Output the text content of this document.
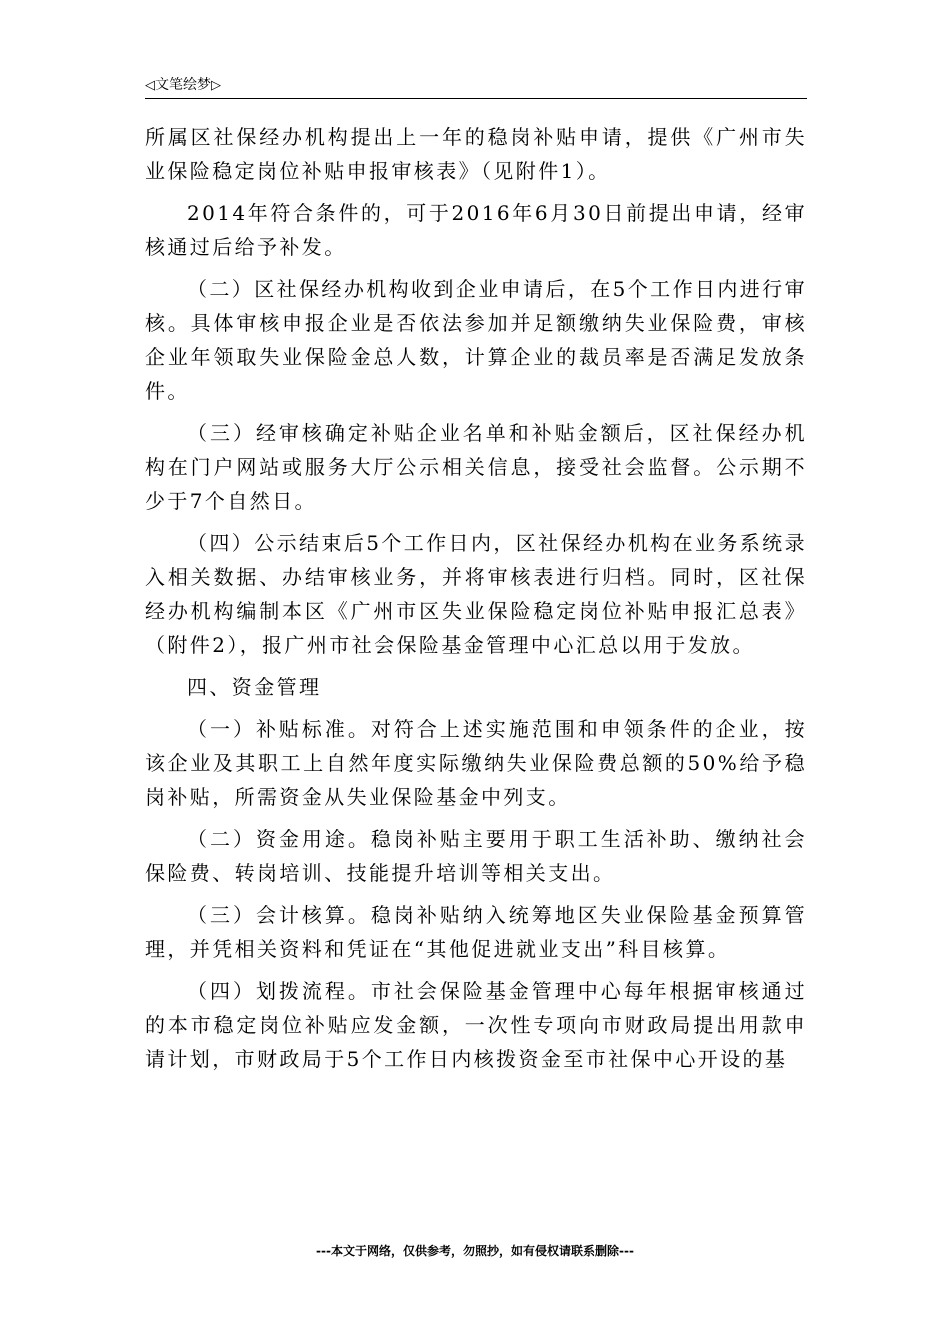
◁文笔绘梦▷

所属区社保经办机构提出上一年的稳岗补贴申请，提供《广州市失业保险稳定岗位补贴申报审核表》（见附件1）。

2014年符合条件的，可于2016年6月30日前提出申请，经审核通过后给予补发。

（二）区社保经办机构收到企业申请后，在5个工作日内进行审核。具体审核申报企业是否依法参加并足额缴纳失业保险费，审核企业年领取失业保险金总人数，计算企业的裁员率是否满足发放条件。

（三）经审核确定补贴企业名单和补贴金额后，区社保经办机构在门户网站或服务大厅公示相关信息，接受社会监督。公示期不少于7个自然日。

（四）公示结束后5个工作日内，区社保经办机构在业务系统录入相关数据、办结审核业务，并将审核表进行归档。同时，区社保经办机构编制本区《广州市区失业保险稳定岗位补贴申报汇总表》（附件2），报广州市社会保险基金管理中心汇总以用于发放。

四、资金管理

（一）补贴标准。对符合上述实施范围和申领条件的企业，按该企业及其职工上自然年度实际缴纳失业保险费总额的50%给予稳岗补贴，所需资金从失业保险基金中列支。

（二）资金用途。稳岗补贴主要用于职工生活补助、缴纳社会保险费、转岗培训、技能提升培训等相关支出。

（三）会计核算。稳岗补贴纳入统筹地区失业保险基金预算管理，并凭相关资料和凭证在“其他促进就业支出”科目核算。

（四）划拨流程。市社会保险基金管理中心每年根据审核通过的本市稳定岗位补贴应发金额，一次性专项向市财政局提出用款申请计划，市财政局于5个工作日内核拨资金至市社保中心开设的基

---本文于网络，仅供参考，勿照抄，如有侵权请联系删除---
